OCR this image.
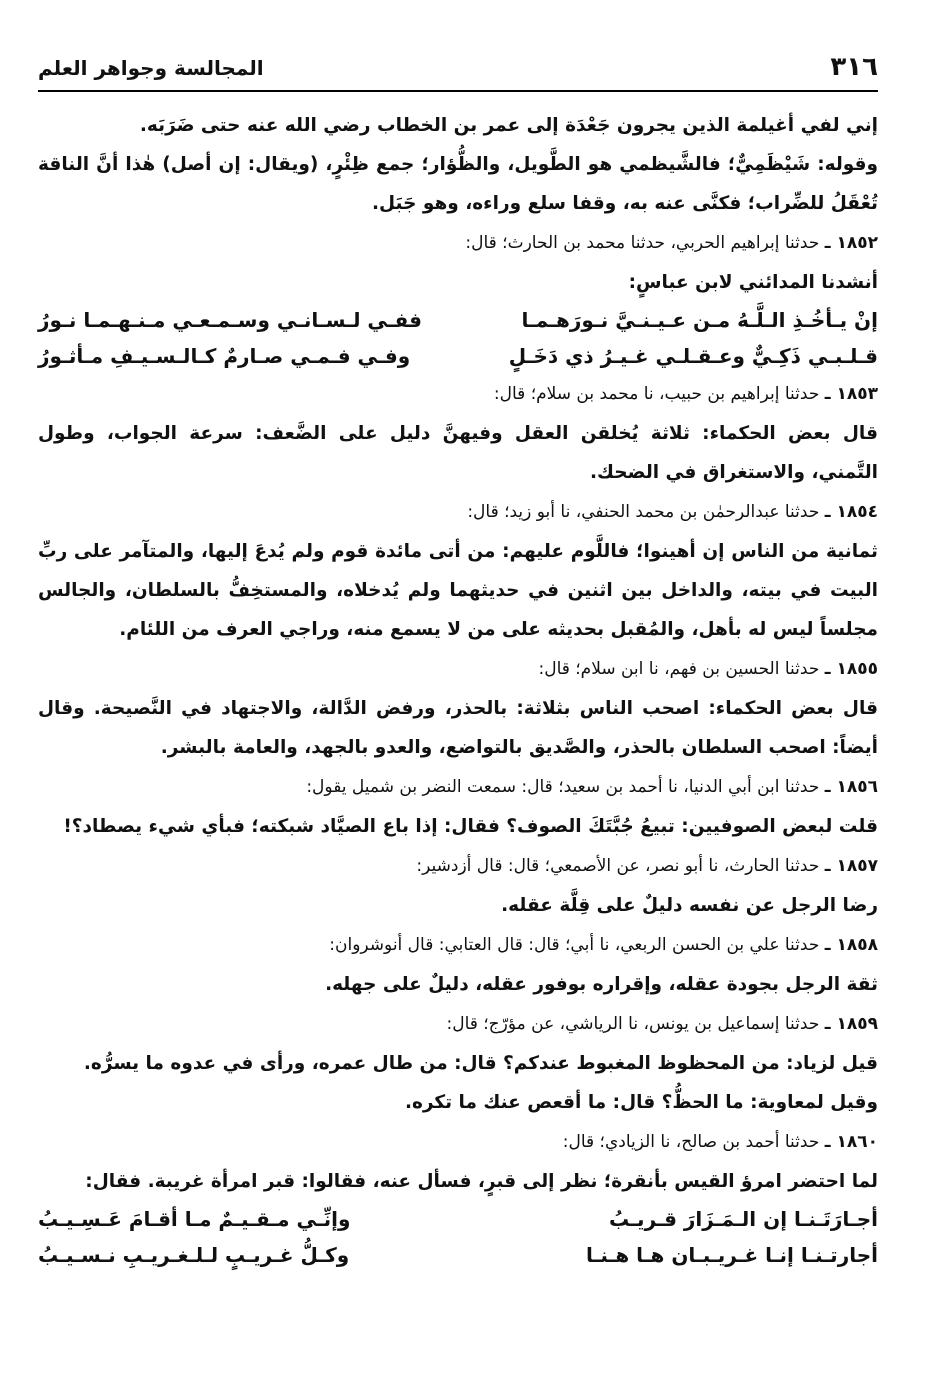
٣١٦
المجالسة وجواهر العلم

إني لفي أغيلمة الذين يجرون جَعْدَة إلى عمر بن الخطاب رضي الله عنه حتى ضَرَبَه.

وقوله: شَيْظَمِيٌّ؛ فالشَّيظمي هو الطَّويل، والظُّؤار؛ جمع ظِئْرٍ، (ويقال: إن أصل) هٰذا أنَّ الناقة تُعْقَلُ للضِّراب؛ فكنَّى عنه به، وقفا سلع وراءه، وهو جَبَل.

١٨٥٢ ـ حدثنا إبراهيم الحربي، حدثنا محمد بن الحارث؛ قال:

أنشدنا المدائني لابن عباسٍ:

إنْ يـأخُـذِ الـلَّـهُ مـن عـيـنـيَّ نـورَهـمـا
ففـي لـسـانـي وسـمـعـي مـنـهـمـا نـورُ
قـلـبـي ذَكِـيٌّ وعـقـلـي غـيـرُ ذي دَخَـلٍ
وفـي فـمـي صـارمٌ كـالـسـيـفِ مـأثـورُ

١٨٥٣ ـ حدثنا إبراهيم بن حبيب، نا محمد بن سلام؛ قال:

قال بعض الحكماء: ثلاثة يُخلقن العقل وفيهنَّ دليل على الضَّعف: سرعة الجواب، وطول التَّمني، والاستغراق في الضحك.

١٨٥٤ ـ حدثنا عبدالرحمٰن بن محمد الحنفي، نا أبو زيد؛ قال:

ثمانية من الناس إن أهينوا؛ فاللَّوم عليهم: من أتى مائدة قوم ولم يُدعَ إليها، والمتآمر على ربِّ البيت في بيته، والداخل بين اثنين في حديثهما ولم يُدخلاه، والمستخِفُّ بالسلطان، والجالس مجلساً ليس له بأهل، والمُقبل بحديثه على من لا يسمع منه، وراجي العرف من اللئام.

١٨٥٥ ـ حدثنا الحسين بن فهم، نا ابن سلام؛ قال:

قال بعض الحكماء: اصحب الناس بثلاثة: بالحذر، ورفض الدَّالة، والاجتهاد في النَّصيحة. وقال أيضاً: اصحب السلطان بالحذر، والصَّديق بالتواضع، والعدو بالجهد، والعامة بالبشر.

١٨٥٦ ـ حدثنا ابن أبي الدنيا، نا أحمد بن سعيد؛ قال: سمعت النضر بن شميل يقول:

قلت لبعض الصوفيين: تبيعُ جُبَّتَكَ الصوف؟ فقال: إذا باع الصيَّاد شبكته؛ فبأي شيء يصطاد؟!

١٨٥٧ ـ حدثنا الحارث، نا أبو نصر، عن الأصمعي؛ قال: قال أزدشير:

رضا الرجل عن نفسه دليلٌ على قِلَّة عقله.

١٨٥٨ ـ حدثنا علي بن الحسن الربعي، نا أبي؛ قال: قال العتابي: قال أنوشروان:

ثقة الرجل بجودة عقله، وإقراره بوفور عقله، دليلٌ على جهله.

١٨٥٩ ـ حدثنا إسماعيل بن يونس، نا الرياشي، عن مؤرّج؛ قال:

قيل لزياد: من المحظوظ المغبوط عندكم؟ قال: من طال عمره، ورأى في عدوه ما يسرُّه.

وقيل لمعاوية: ما الحظُّ؟ قال: ما أقعص عنك ما تكره.

١٨٦٠ ـ حدثنا أحمد بن صالح، نا الزيادي؛ قال:

لما احتضر امرؤ القيس بأنقرة؛ نظر إلى قبرٍ، فسأل عنه، فقالوا: قبر امرأة غريبة. فقال:

أجـارَتَـنـا إن الـمَـزَارَ قـريـبُ
وإنِّـي مـقـيـمٌ مـا أقـامَ عَـسِـيـبُ
أجارتـنـا إنـا غـريـبـان هـا هـنـا
وكـلُّ غـريـبٍ لـلـغـريـبِ نـسـيـبُ
